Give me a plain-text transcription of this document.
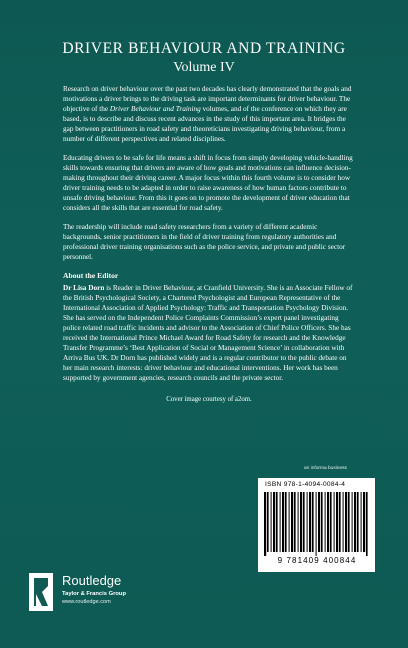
DRIVER BEHAVIOUR AND TRAINING
Volume IV

Research on driver behaviour over the past two decades has clearly demonstrated that the goals and motivations a driver brings to the driving task are important determinants for driver behaviour. The objective of the Driver Behaviour and Training volumes, and of the conference on which they are based, is to describe and discuss recent advances in the study of this important area. It bridges the gap between practitioners in road safety and theoreticians investigating driving behaviour, from a number of different perspectives and related disciplines.

Educating drivers to be safe for life means a shift in focus from simply developing vehicle-handling skills towards ensuring that drivers are aware of how goals and motivations can influence decision-making throughout their driving career. A major focus within this fourth volume is to consider how driver training needs to be adapted in order to raise awareness of how human factors contribute to unsafe driving behaviour. From this it goes on to promote the development of driver education that considers all the skills that are essential for road safety.

The readership will include road safety researchers from a variety of different academic backgrounds, senior practitioners in the field of driver training from regulatory authorities and professional driver training organisations such as the police service, and private and public sector personnel.

About the Editor

Dr Lisa Dorn is Reader in Driver Behaviour, at Cranfield University. She is an Associate Fellow of the British Psychological Society, a Chartered Psychologist and European Representative of the International Association of Applied Psychology: Traffic and Transportation Psychology Division. She has served on the Independent Police Complaints Commission’s expert panel investigating police related road traffic incidents and advisor to the Association of Chief Police Officers. She has received the International Prince Michael Award for Road Safety for research and the Knowledge Transfer Programme’s ‘Best Application of Social or Management Science’ in collaboration with Arriva Bus UK. Dr Dorn has published widely and is a regular contributor to the public debate on her main research interests: driver behaviour and educational interventions. Her work has been supported by government agencies, research councils and the private sector.

Cover image courtesy of a2om.

an informa business
ISBN 978-1-4094-0084-4
9 781409 400844
Routledge
Taylor & Francis Group
www.routledge.com
